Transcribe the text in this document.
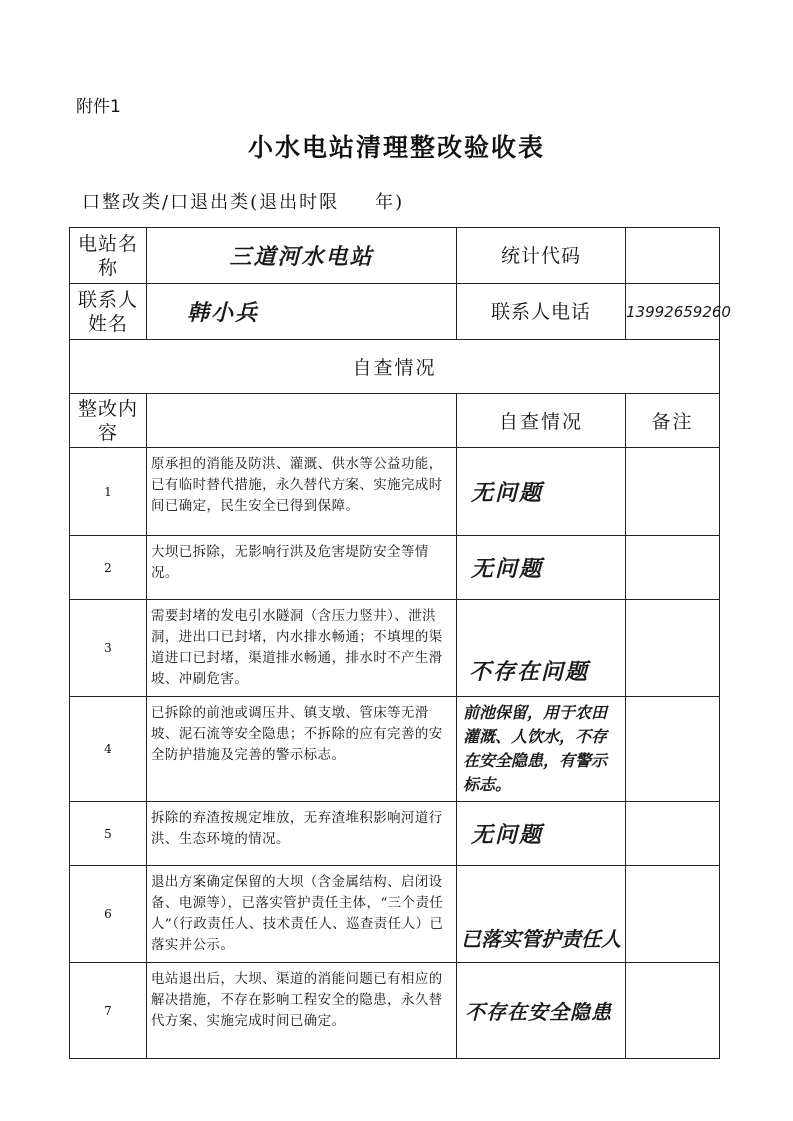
附件1
小水电站清理整改验收表
口整改类/口退出类(退出时限 年)
电站名称	三道河水电站	统计代码	
联系人姓名	韩小兵	联系人电话	13992659260
自查情况			
整改内容		自查情况	备注
1	原承担的消能及防洪、灌溉、供水等公益功能，已有临时替代措施，永久替代方案、实施完成时间已确定，民生安全已得到保障。	无问题	
2	大坝已拆除，无影响行洪及危害堤防安全等情况。	无问题	
3	需要封堵的发电引水隧洞（含压力竖井）、泄洪洞，进出口已封堵，内水排水畅通；不填埋的渠道进口已封堵，渠道排水畅通，排水时不产生滑坡、冲刷危害。	不存在问题	
4	已拆除的前池或调压井、镇支墩、管床等无滑坡、泥石流等安全隐患；不拆除的应有完善的安全防护措施及完善的警示标志。	前池保留，用于农田灌溉、人饮水，不存在安全隐患，有警示标志。	
5	拆除的弃渣按规定堆放，无弃渣堆积影响河道行洪、生态环境的情况。	无问题	
6	退出方案确定保留的大坝（含金属结构、启闭设备、电源等），已落实管护责任主体，“三个责任人”（行政责任人、技术责任人、巡查责任人）已落实并公示。	已落实管护责任人	
7	电站退出后，大坝、渠道的消能问题已有相应的解决措施，不存在影响工程安全的隐患，永久替代方案、实施完成时间已确定。	不存在安全隐患	
